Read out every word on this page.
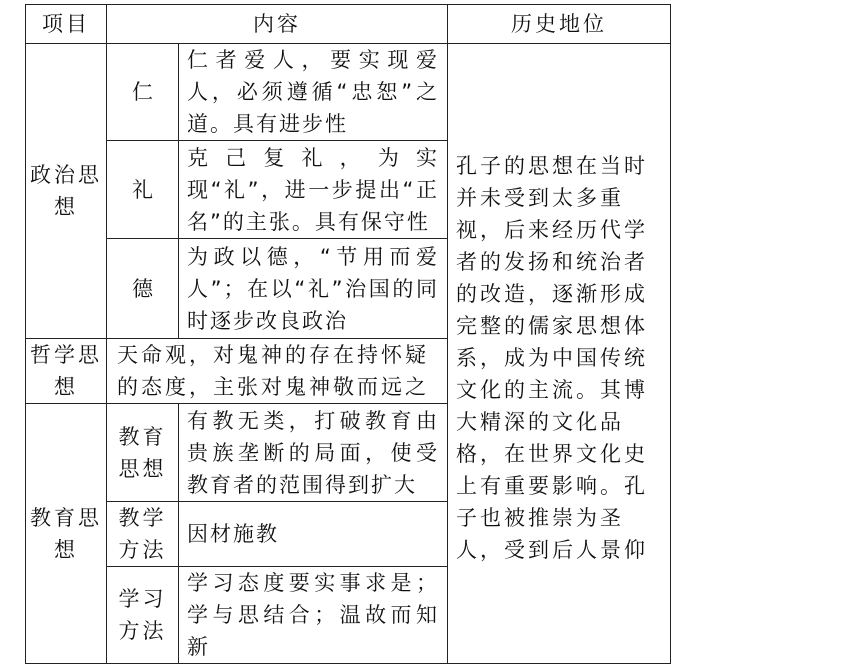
项目	内容		历史地位
政治思想	仁	仁者爱人，要实现爱人，必须遵循“忠恕”之道。具有进步性	孔子的思想在当时并未受到太多重视，后来经历代学者的发扬和统治者的改造，逐渐形成完整的儒家思想体系，成为中国传统文化的主流。其博大精深的文化品格，在世界文化史上有重要影响。孔子也被推崇为圣人，受到后人景仰

	礼	克己复礼，为实现“礼”，进一步提出“正名”的主张。具有保守性	
	德	为政以德，“节用而爱人”；在以“礼”治国的同时逐步改良政治	
哲学思想	天命观，对鬼神的存在持怀疑的态度，主张对鬼神敬而远之		
教育思想	教育思想	有教无类，打破教育由贵族垄断的局面，使受教育者的范围得到扩大	
	教学方法	因材施教	
	学习方法	学习态度要实事求是；学与思结合；温故而知新	
